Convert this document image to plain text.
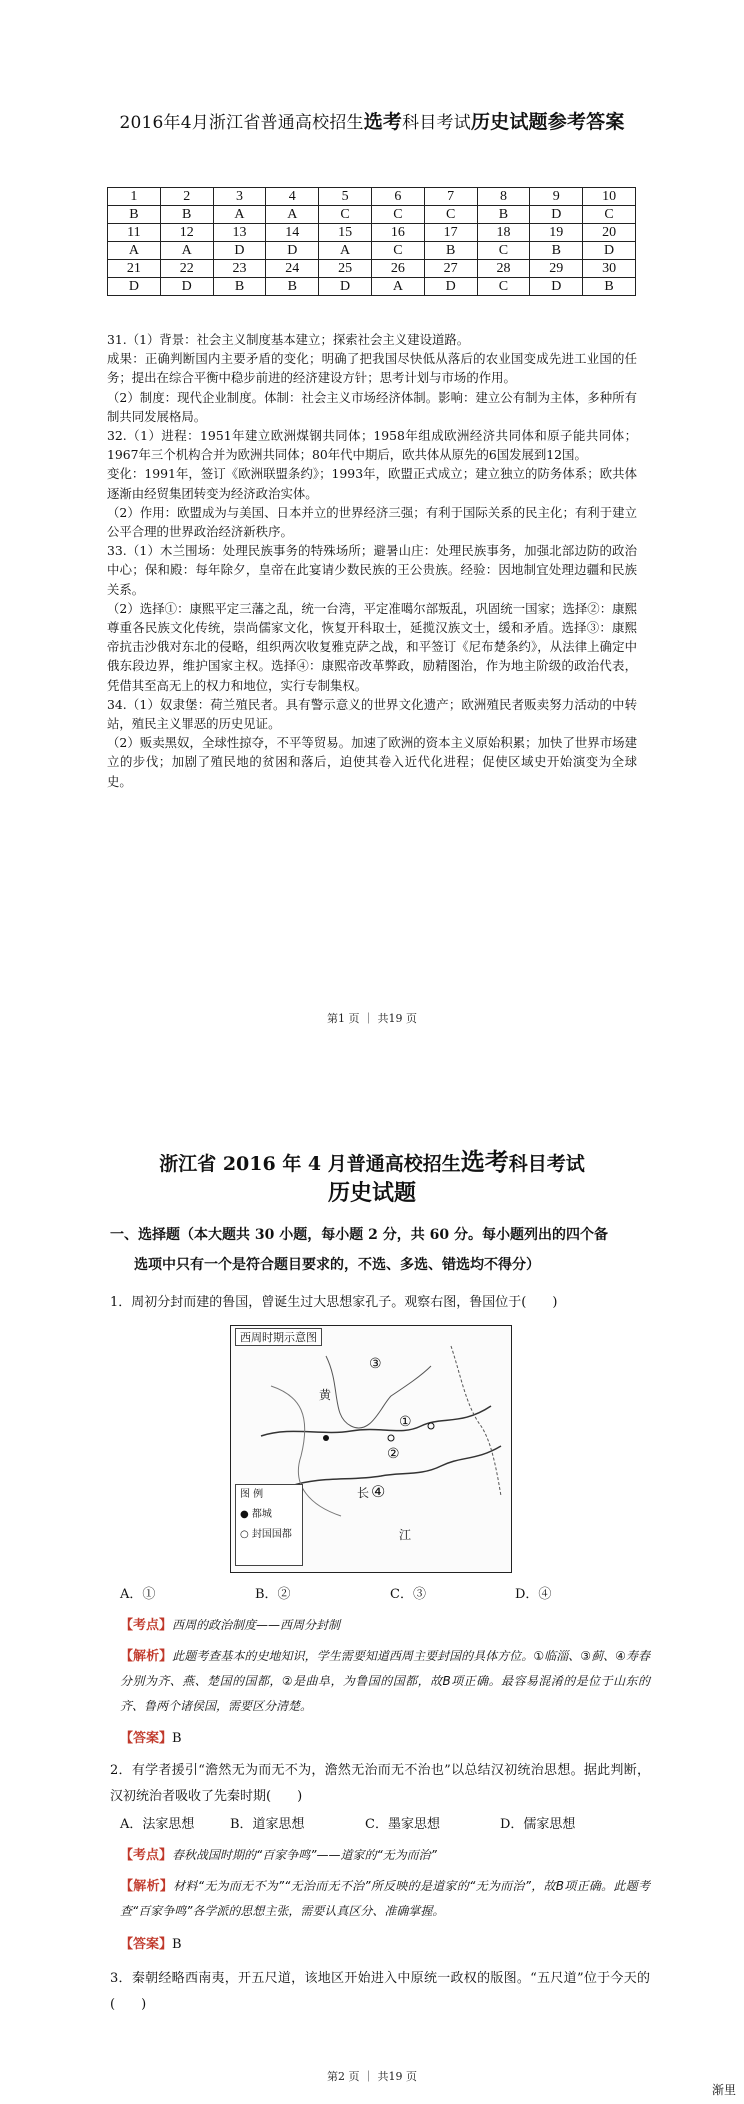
2016年4月浙江省普通高校招生选考科目考试历史试题参考答案
1	2	3	4	5	6	7	8	9	10
B	B	A	A	C	C	C	B	D	C
11	12	13	14	15	16	17	18	19	20
A	A	D	D	A	C	B	C	B	D
21	22	23	24	25	26	27	28	29	30
D	D	B	B	D	A	D	C	D	B

31.（1）背景：社会主义制度基本建立；探索社会主义建设道路。

成果：正确判断国内主要矛盾的变化；明确了把我国尽快低从落后的农业国变成先进工业国的任务；提出在综合平衡中稳步前进的经济建设方针；思考计划与市场的作用。

（2）制度：现代企业制度。体制：社会主义市场经济体制。影响：建立公有制为主体，多种所有制共同发展格局。

32.（1）进程：1951年建立欧洲煤钢共同体；1958年组成欧洲经济共同体和原子能共同体；1967年三个机构合并为欧洲共同体；80年代中期后，欧共体从原先的6国发展到12国。

变化：1991年，签订《欧洲联盟条约》；1993年，欧盟正式成立；建立独立的防务体系；欧共体逐渐由经贸集团转变为经济政治实体。

（2）作用：欧盟成为与美国、日本并立的世界经济三强；有利于国际关系的民主化；有利于建立公平合理的世界政治经济新秩序。

33.（1）木兰围场：处理民族事务的特殊场所；避暑山庄：处理民族事务，加强北部边防的政治中心；保和殿：每年除夕，皇帝在此宴请少数民族的王公贵族。经验：因地制宜处理边疆和民族关系。

（2）选择①：康熙平定三藩之乱，统一台湾，平定准噶尔部叛乱，巩固统一国家；选择②：康熙尊重各民族文化传统，崇尚儒家文化，恢复开科取士，延揽汉族文士，缓和矛盾。选择③：康熙帝抗击沙俄对东北的侵略，组织两次收复雅克萨之战，和平签订《尼布楚条约》，从法律上确定中俄东段边界，维护国家主权。选择④：康熙帝改革弊政，励精图治，作为地主阶级的政治代表，凭借其至高无上的权力和地位，实行专制集权。

34.（1）奴隶堡：荷兰殖民者。具有警示意义的世界文化遗产；欧洲殖民者贩卖努力活动的中转站，殖民主义罪恶的历史见证。

（2）贩卖黑奴，全球性掠夺，不平等贸易。加速了欧洲的资本主义原始积累；加快了世界市场建立的步伐；加剧了殖民地的贫困和落后，迫使其卷入近代化进程；促使区域史开始演变为全球史。

第1 页 ｜ 共19 页
浙江省 2016 年 4 月普通高校招生选考科目考试
历史试题
一、选择题（本大题共 30 小题，每小题 2 分，共 60 分。每小题列出的四个备
选项中只有一个是符合题目要求的，不选、多选、错选均不得分）
1．周初分封而建的鲁国，曾诞生过大思想家孔子。观察右图，鲁国位于(　　)
西周时期示意图
黄
长
江
①
②
③
④
图 例
● 都城
○ 封国国都
A．①	B．②	C．③	D．④
【考点】西周的政治制度——西周分封制
【解析】此题考查基本的史地知识，学生需要知道西周主要封国的具体方位。①临淄、③蓟、④寿春分别为齐、燕、楚国的国都，②是曲阜，为鲁国的国都，故B项正确。最容易混淆的是位于山东的齐、鲁两个诸侯国，需要区分清楚。
【答案】B
2．有学者援引“澹然无为而无不为，澹然无治而无不治也”以总结汉初统治思想。据此判断，汉初统治者吸收了先秦时期(　　)
A．法家思想	B．道家思想	C．墨家思想	D．儒家思想
【考点】春秋战国时期的“百家争鸣”——道家的“无为而治”
【解析】材料“无为而无不为”“无治而无不治”所反映的是道家的“无为而治”，故B项正确。此题考查“百家争鸣”各学派的思想主张，需要认真区分、准确掌握。
【答案】B
3．秦朝经略西南夷，开五尺道，该地区开始进入中原统一政权的版图。“五尺道”位于今天的(　　)
第2 页 ｜ 共19 页
渐里
